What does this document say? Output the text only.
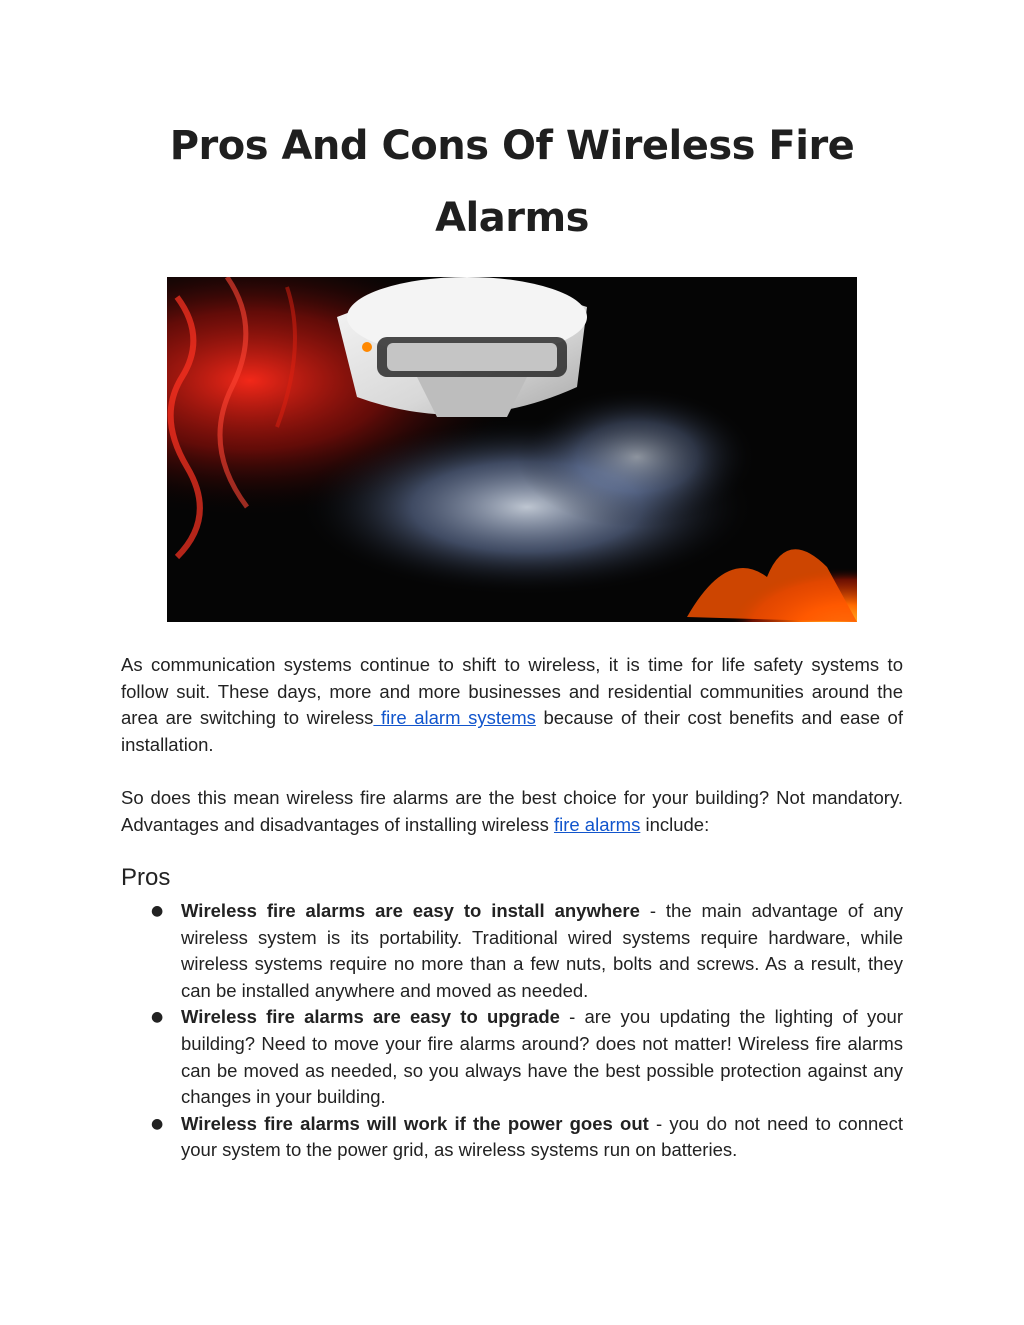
Pros And Cons Of Wireless Fire Alarms
As communication systems continue to shift to wireless, it is time for life safety systems to follow suit. These days, more and more businesses and residential communities around the area are switching to wireless fire alarm systems because of their cost benefits and ease of installation.
So does this mean wireless fire alarms are the best choice for your building? Not mandatory. Advantages and disadvantages of installing wireless fire alarms include:
Pros
● Wireless fire alarms are easy to install anywhere - the main advantage of any wireless system is its portability. Traditional wired systems require hardware, while wireless systems require no more than a few nuts, bolts and screws. As a result, they can be installed anywhere and moved as needed.
● Wireless fire alarms are easy to upgrade - are you updating the lighting of your building? Need to move your fire alarms around? does not matter! Wireless fire alarms can be moved as needed, so you always have the best possible protection against any changes in your building.
● Wireless fire alarms will work if the power goes out - you do not need to connect your system to the power grid, as wireless systems run on batteries.
